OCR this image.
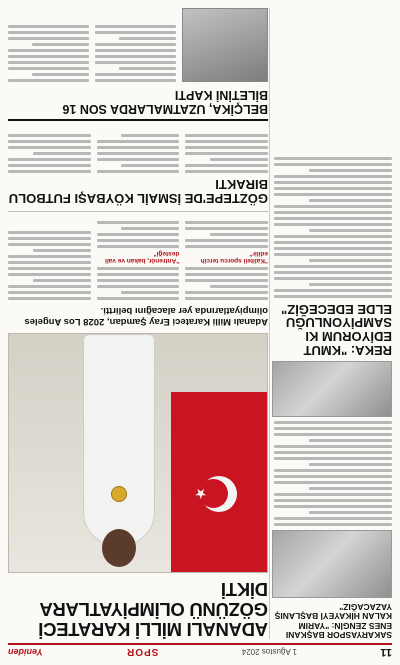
11
1 Ağustos 2024
SPOR
Yeniden
SAKARYASPOR BAŞKANI ENES ZENGİN: "YARIM KALAN HİKAYEYİ BAŞLANIŞ YAZACAĞIZ"
REKA: "KMUT EDİYORUM KI SAMPİYONLUĞU ELDE EDECEĞİZ"
ADANALI MİLLİ KARATECİ GÖZÜNÜ OLİMPİYATLARA DİKTİ
★
Adanalı Milli Karateci Eray Şamdan, 2028 Los Angeles olimpiyatlarında yer alacağını belirtti.
"Kaliteli sporcu tercih edilir"
"Antrenör, bakan ve vali desteği"
GÖZTEPE'DE İSMAİL KÖYBAŞI FUTBOLU BIRAKTI
BELÇİKA, UZATMALARDA SON 16 BİLETİNİ KAPTI
